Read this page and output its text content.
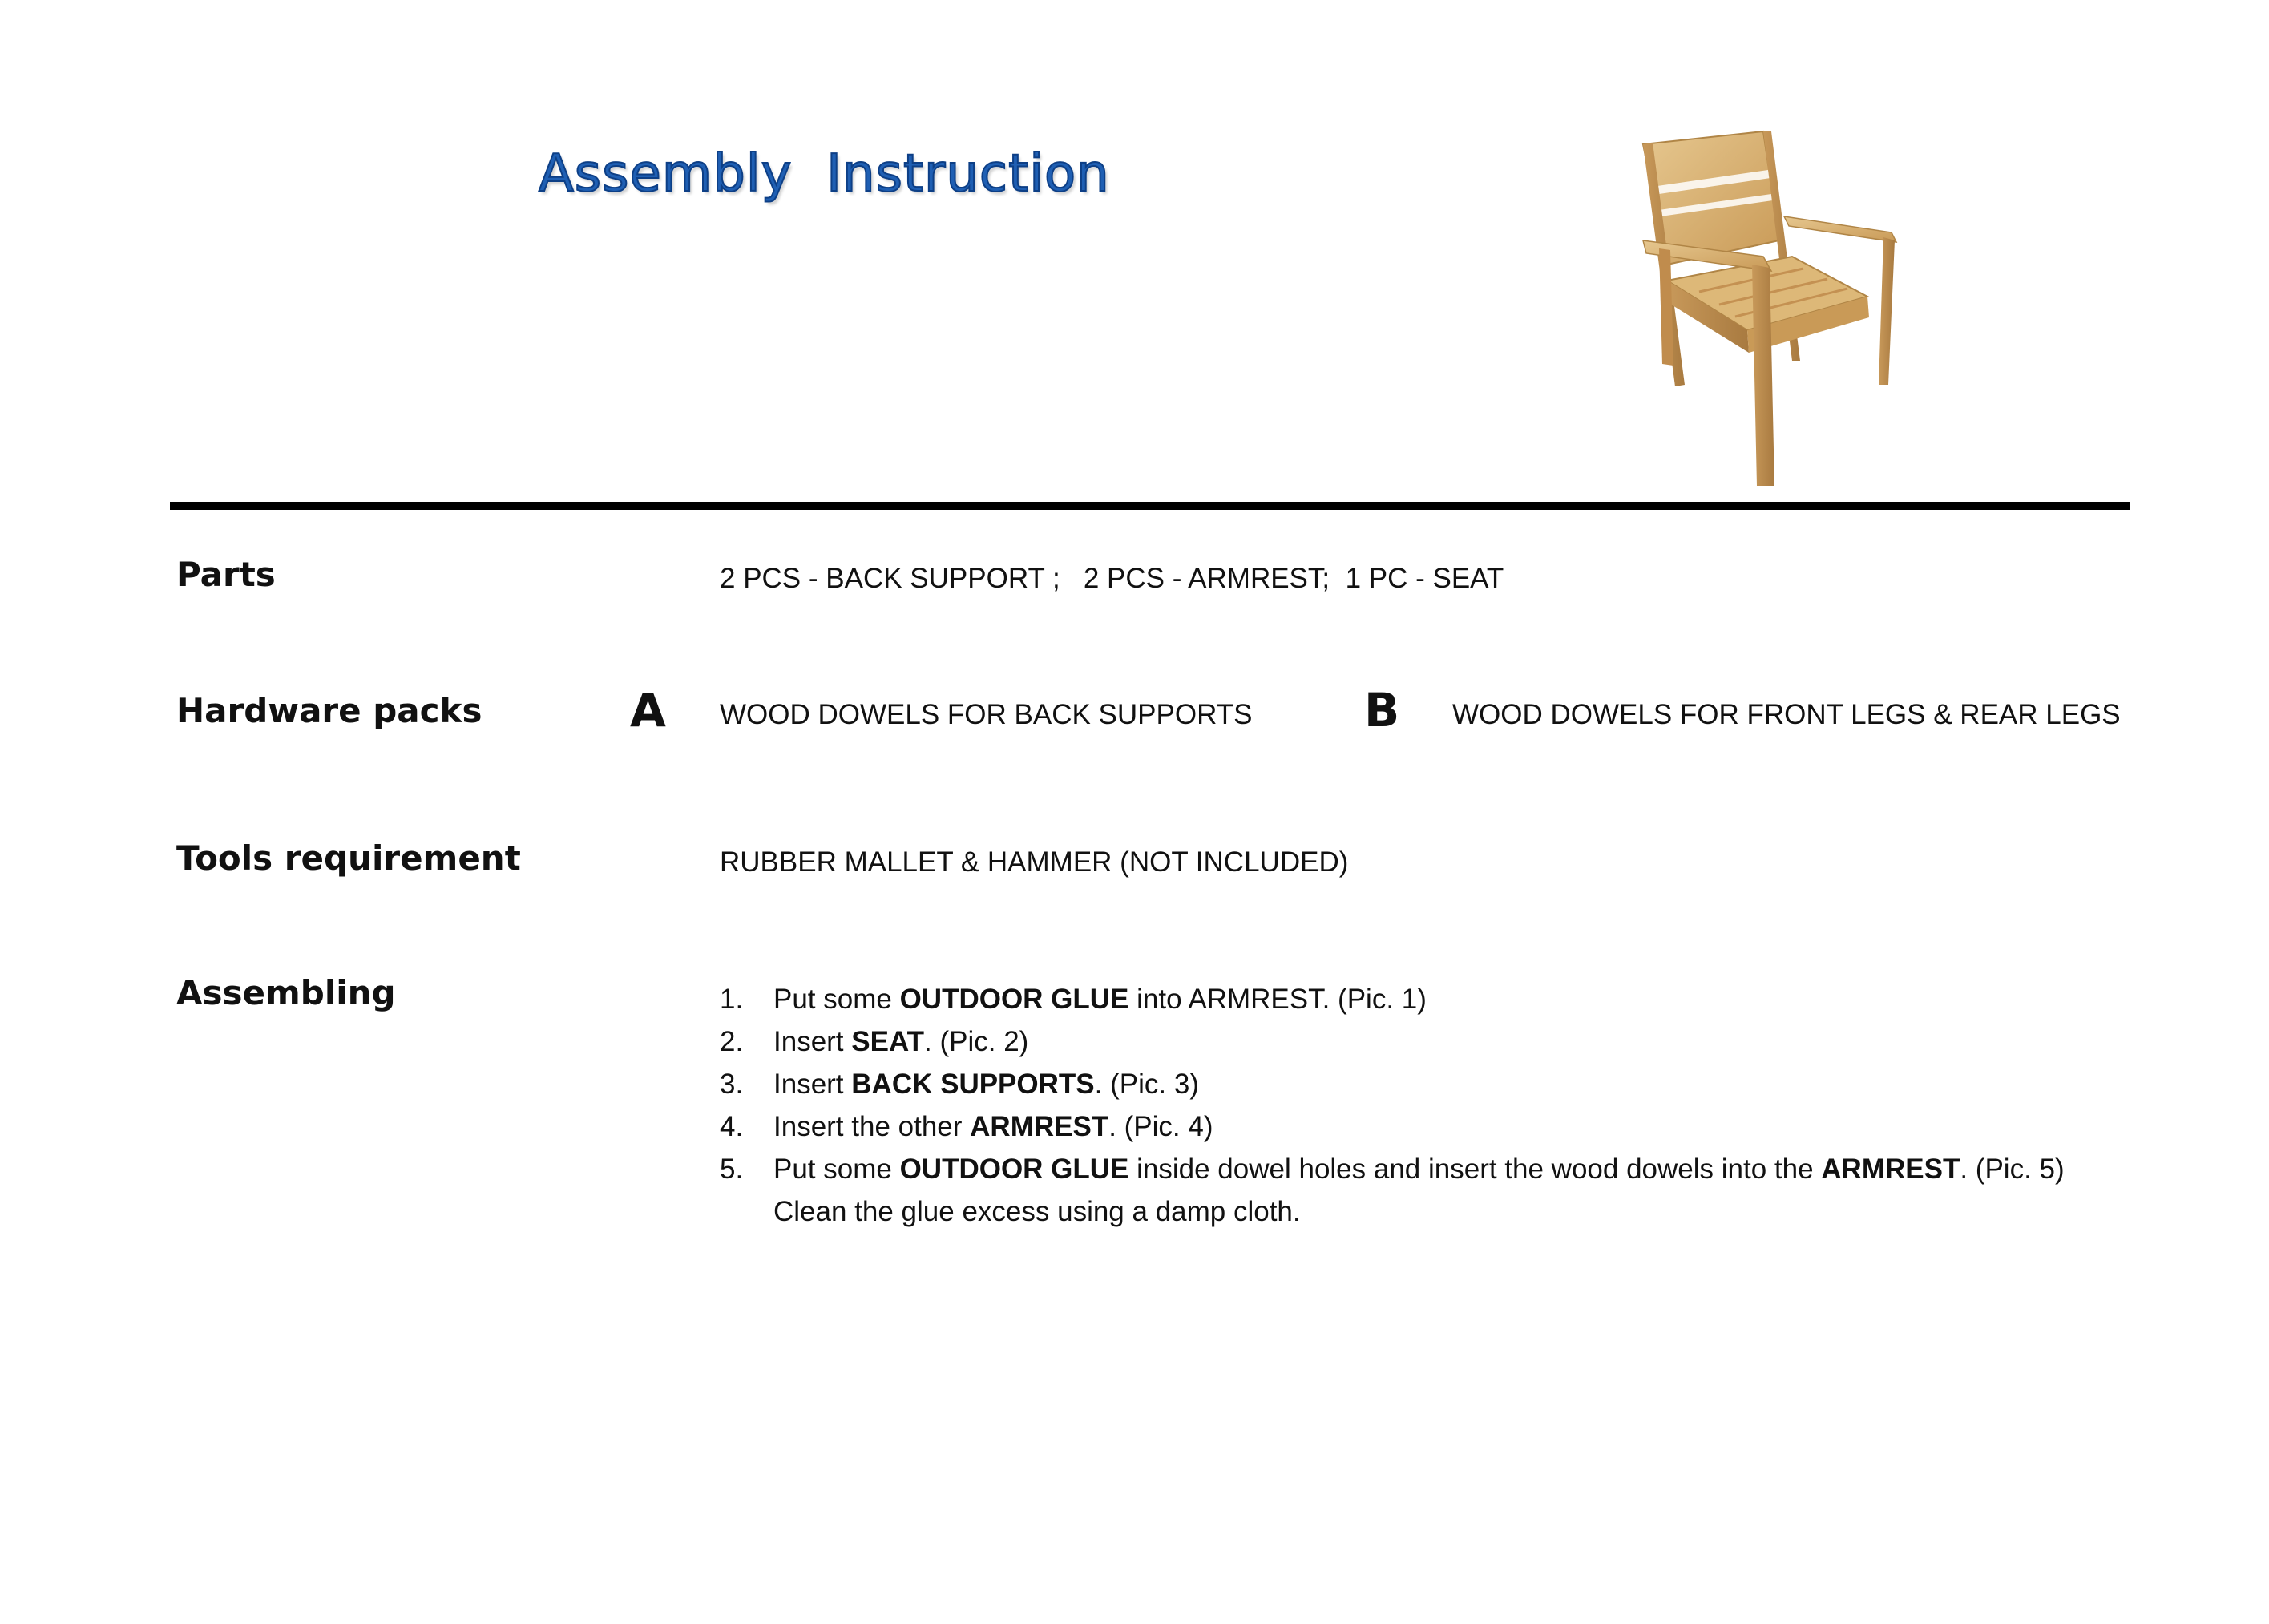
Assembly  Instruction
Parts	2 PCS - BACK SUPPORT ;   2 PCS - ARMREST;  1 PC - SEAT
Hardware packs	A WOOD DOWELS FOR BACK SUPPORTS B WOOD DOWELS FOR FRONT LEGS & REAR LEGS
Tools requirement	RUBBER MALLET & HAMMER (NOT INCLUDED)
Assembling	1. Put some OUTDOOR GLUE into ARMREST. (Pic. 1)
2. Insert SEAT. (Pic. 2)
3. Insert BACK SUPPORTS. (Pic. 3)
4. Insert the other ARMREST. (Pic. 4)
5. Put some OUTDOOR GLUE inside dowel holes and insert the wood dowels into the ARMREST. (Pic. 5)
Clean the glue excess using a damp cloth.
